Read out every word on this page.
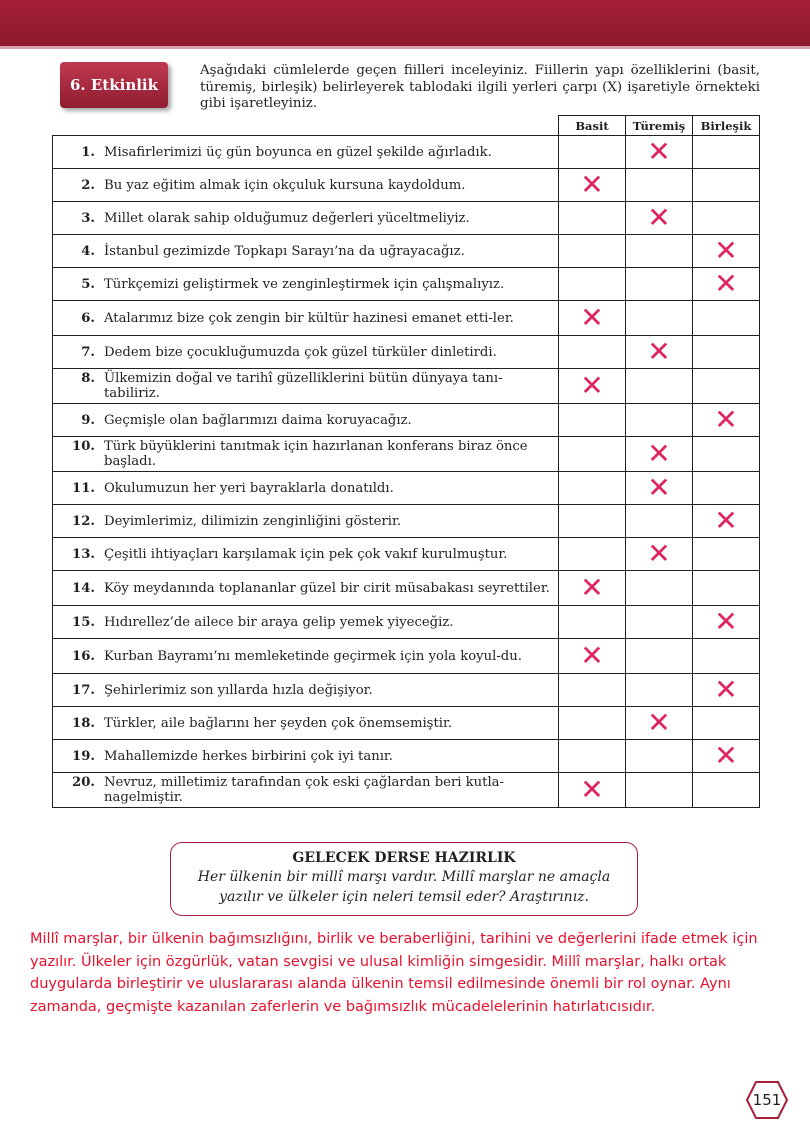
6. Etkinlik
Aşağıdaki cümlelerde geçen fiilleri inceleyiniz. Fiillerin yapı özelliklerini (basit, türemiş, birleşik) belirleyerek tablodaki ilgili yerleri çarpı (X) işaretiyle örnekteki gibi işaretleyiniz.
	Basit	Türemiş	Birleşik

1. Misafirlerimizi üç gün boyunca en güzel şekilde ağırladık.		✕	

2. Bu yaz eğitim almak için okçuluk kursuna kaydoldum.	✕		

3. Millet olarak sahip olduğumuz değerleri yüceltmeliyiz.		✕	

4. İstanbul gezimizde Topkapı Sarayı’na da uğrayacağız.			✕

5. Türkçemizi geliştirmek ve zenginleştirmek için çalışmalıyız.			✕

6. Atalarımız bize çok zengin bir kültür hazinesi emanet etti-ler.	✕		

7. Dedem bize çocukluğumuzda çok güzel türküler dinletirdi.		✕	

8. Ülkemizin doğal ve tarihî güzelliklerini bütün dünyaya tanı-tabiliriz.	✕		

9. Geçmişle olan bağlarımızı daima koruyacağız.			✕

10. Türk büyüklerini tanıtmak için hazırlanan konferans biraz önce başladı.		✕	

11. Okulumuzun her yeri bayraklarla donatıldı.		✕	

12. Deyimlerimiz, dilimizin zenginliğini gösterir.			✕

13. Çeşitli ihtiyaçları karşılamak için pek çok vakıf kurulmuştur.		✕	

14. Köy meydanında toplananlar güzel bir cirit müsabakası seyrettiler.	✕		

15. Hıdırellez’de ailece bir araya gelip yemek yiyeceğiz.			✕

16. Kurban Bayramı’nı memleketinde geçirmek için yola koyul-du.	✕		

17. Şehirlerimiz son yıllarda hızla değişiyor.			✕

18. Türkler, aile bağlarını her şeyden çok önemsemiştir.		✕	

19. Mahallemizde herkes birbirini çok iyi tanır.			✕

20. Nevruz, milletimiz tarafından çok eski çağlardan beri kutla-nagelmiştir.	✕		
GELECEK DERSE HAZIRLIK
Her ülkenin bir millî marşı vardır. Millî marşlar ne amaçla yazılır ve ülkeler için neleri temsil eder? Araştırınız.
Millî marşlar, bir ülkenin bağımsızlığını, birlik ve beraberliğini, tarihini ve değerlerini ifade etmek için yazılır. Ülkeler için özgürlük, vatan sevgisi ve ulusal kimliğin simgesidir. Millî marşlar, halkı ortak duygularda birleştirir ve uluslararası alanda ülkenin temsil edilmesinde önemli bir rol oynar. Aynı zamanda, geçmişte kazanılan zaferlerin ve bağımsızlık mücadelelerinin hatırlatıcısıdır.
151
